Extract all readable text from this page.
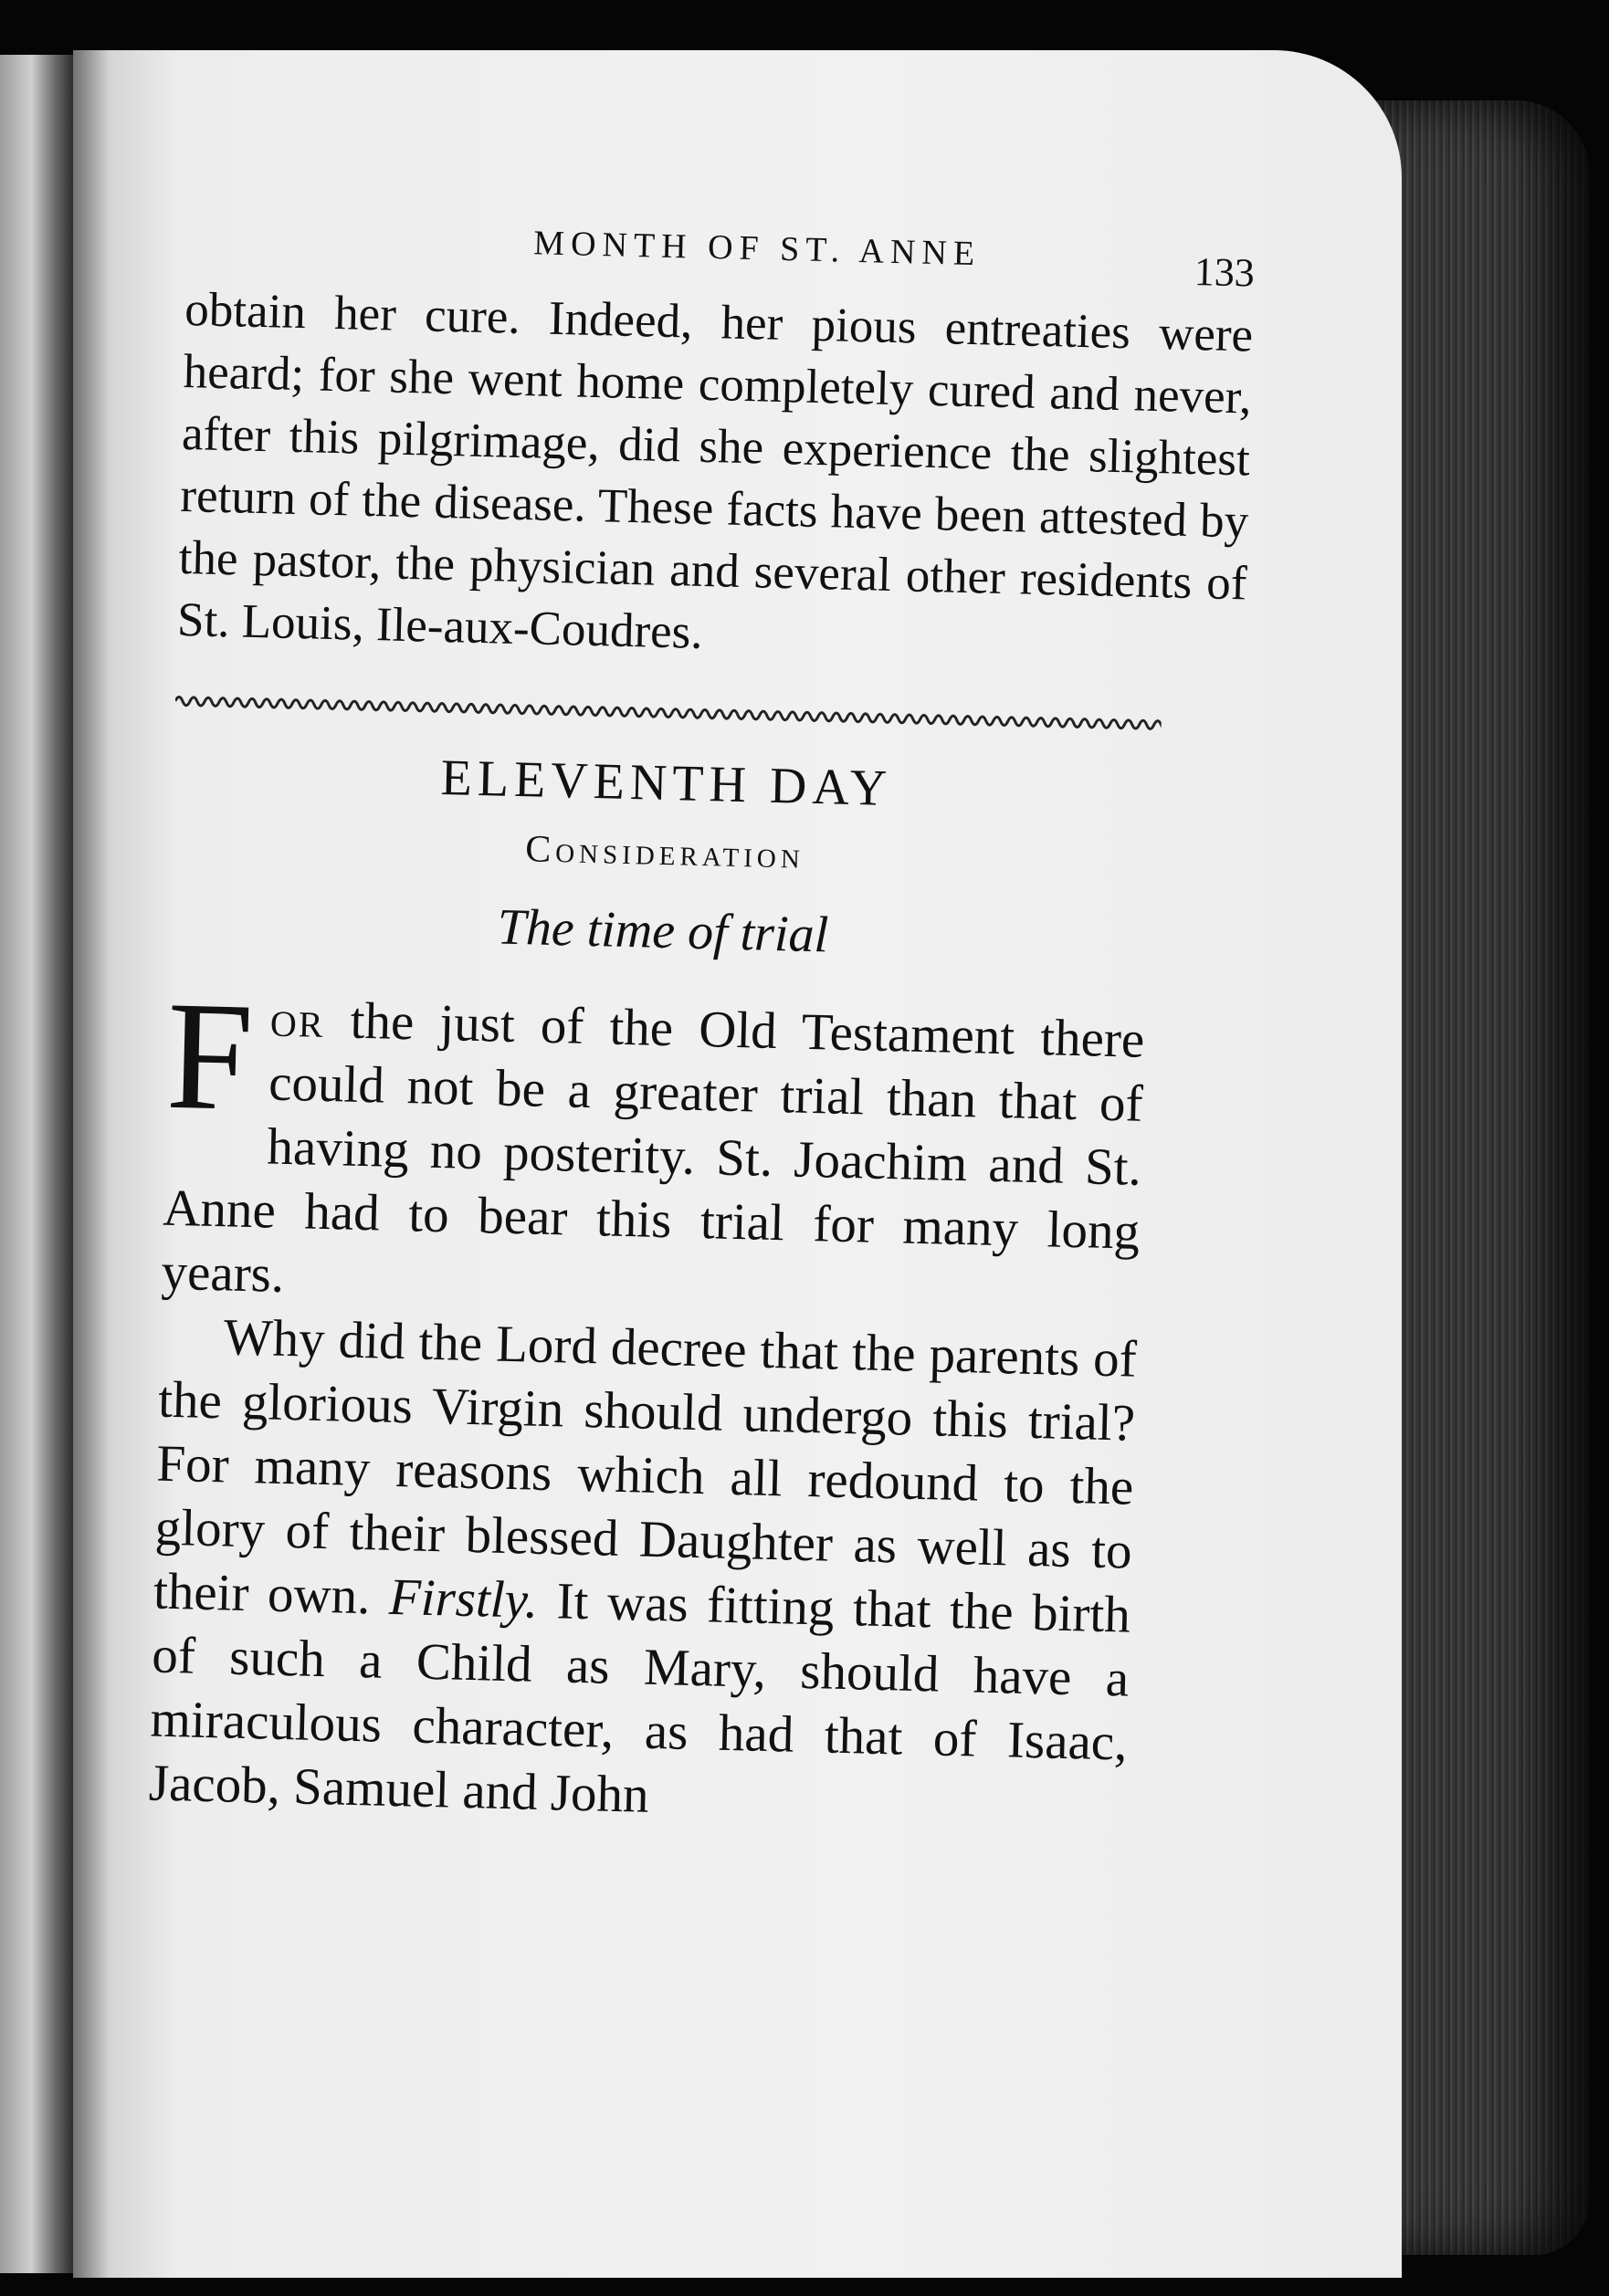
MONTH OF ST. ANNE	133

obtain her cure. Indeed, her pious entreaties were heard; for she went home completely cured and never, after this pilgrimage, did she experience the slightest return of the disease. These facts have been attested by the pastor, the physician and several other residents of St. Louis, Ile-aux-Coudres.

ELEVENTH DAY
Consideration
The time of trial

For the just of the Old Testament there could not be a greater trial than that of having no posterity. St. Joachim and St. Anne had to bear this trial for many long years.

Why did the Lord decree that the parents of the glorious Virgin should undergo this trial? For many reasons which all redound to the glory of their blessed Daughter as well as to their own. Firstly. It was fitting that the birth of such a Child as Mary, should have a miraculous character, as had that of Isaac, Jacob, Samuel and John
